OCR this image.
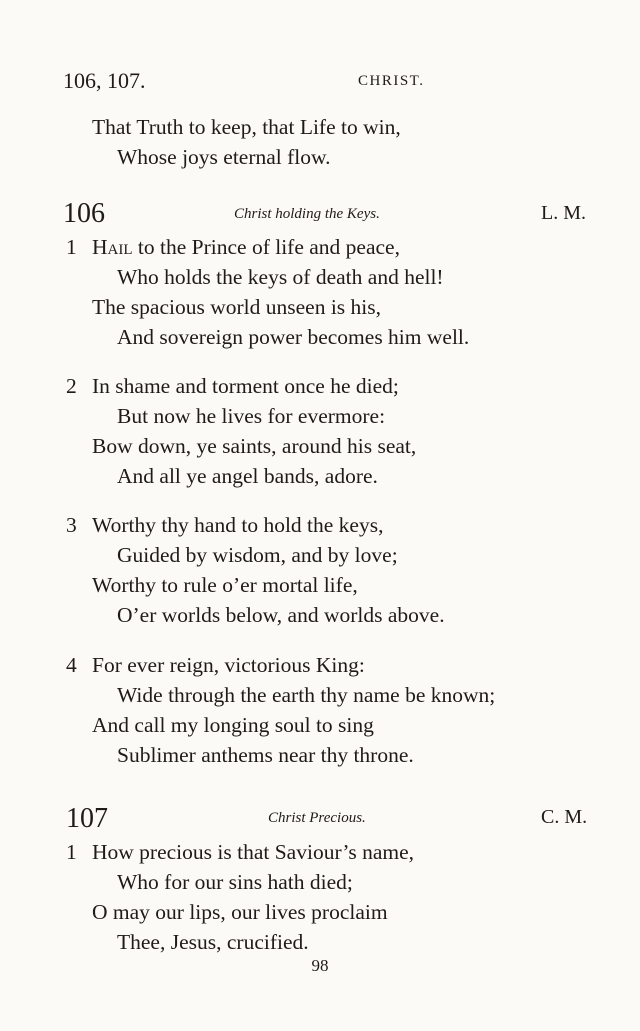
106, 107.	CHRIST.
That Truth to keep, that Life to win,
Whose joys eternal flow.
106	Christ holding the Keys.	L. M.
1 Hail to the Prince of life and peace,
Who holds the keys of death and hell!
The spacious world unseen is his,
And sovereign power becomes him well.
2 In shame and torment once he died;
But now he lives for evermore:
Bow down, ye saints, around his seat,
And all ye angel bands, adore.
3 Worthy thy hand to hold the keys,
Guided by wisdom, and by love;
Worthy to rule o’er mortal life,
O’er worlds below, and worlds above.
4 For ever reign, victorious King:
Wide through the earth thy name be known;
And call my longing soul to sing
Sublimer anthems near thy throne.
107	Christ Precious.	C. M.
1 How precious is that Saviour’s name,
Who for our sins hath died;
O may our lips, our lives proclaim
Thee, Jesus, crucified.
98
